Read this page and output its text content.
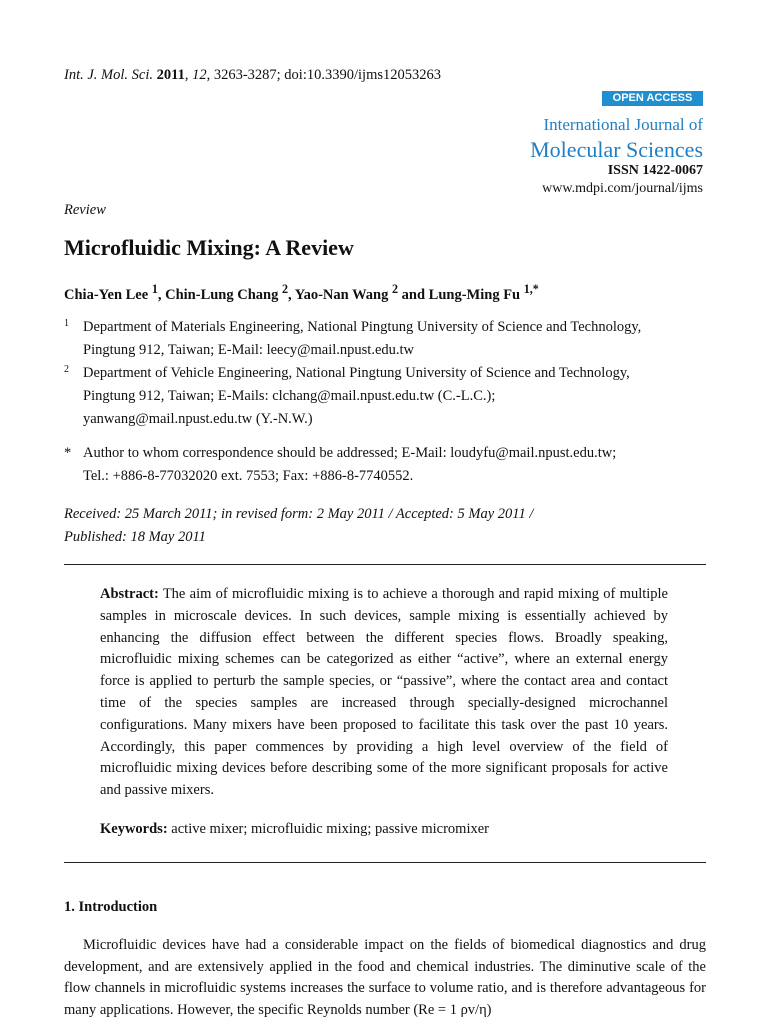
Int. J. Mol. Sci. 2011, 12, 3263-3287; doi:10.3390/ijms12053263
OPEN ACCESS
International Journal of
Molecular Sciences
ISSN 1422-0067
www.mdpi.com/journal/ijms
Review
Microfluidic Mixing: A Review
Chia-Yen Lee $^1$, Chin-Lung Chang $^2$, Yao-Nan Wang $^2$ and Lung-Ming Fu $^{1,*}$
1 Department of Materials Engineering, National Pingtung University of Science and Technology,
Pingtung 912, Taiwan; E-Mail: leecy@mail.npust.edu.tw
2 Department of Vehicle Engineering, National Pingtung University of Science and Technology,
Pingtung 912, Taiwan; E-Mails: clchang@mail.npust.edu.tw (C.-L.C.);
yanwang@mail.npust.edu.tw (Y.-N.W.)
* Author to whom correspondence should be addressed; E-Mail: loudyfu@mail.npust.edu.tw;
Tel.: +886-8-77032020 ext. 7553; Fax: +886-8-7740552.
Received: 25 March 2011; in revised form: 2 May 2011 / Accepted: 5 May 2011 /
Published: 18 May 2011
Abstract: The aim of microfluidic mixing is to achieve a thorough and rapid mixing of multiple samples in microscale devices. In such devices, sample mixing is essentially achieved by enhancing the diffusion effect between the different species flows. Broadly speaking, microfluidic mixing schemes can be categorized as either “active”, where an external energy force is applied to perturb the sample species, or “passive”, where the contact area and contact time of the species samples are increased through specially-designed microchannel configurations. Many mixers have been proposed to facilitate this task over the past 10 years. Accordingly, this paper commences by providing a high level overview of the field of microfluidic mixing devices before describing some of the more significant proposals for active and passive mixers.
Keywords: active mixer; microfluidic mixing; passive micromixer
1. Introduction
Microfluidic devices have had a considerable impact on the fields of biomedical diagnostics and drug development, and are extensively applied in the food and chemical industries. The diminutive scale of the flow channels in microfluidic systems increases the surface to volume ratio, and is therefore advantageous for many applications. However, the specific Reynolds number (Re = 1 ρv/η)
